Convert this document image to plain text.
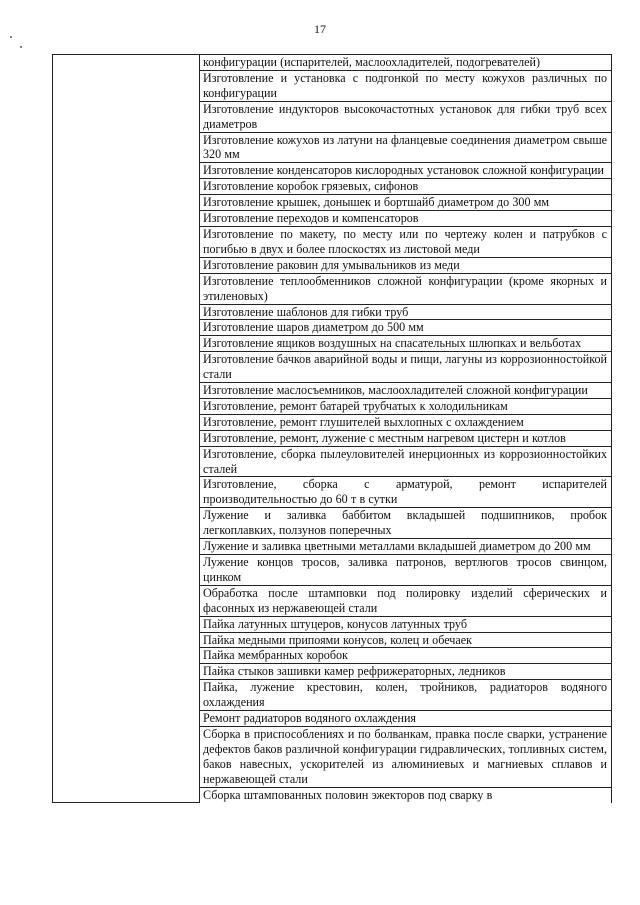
17
	конфигурации (испарителей, маслоохладителей, подогревателей)
Изготовление и установка с подгонкой по месту кожухов различных по конфигурации
Изготовление индукторов высокочастотных установок для гибки труб всех диаметров
Изготовление кожухов из латуни на фланцевые соединения диаметром свыше 320 мм
Изготовление конденсаторов кислородных установок сложной конфигурации
Изготовление коробок грязевых, сифонов
Изготовление крышек, донышек и бортшайб диаметром до 300 мм
Изготовление переходов и компенсаторов
Изготовление по макету, по месту или по чертежу колен и патрубков с погибью в двух и более плоскостях из листовой меди
Изготовление раковин для умывальников из меди
Изготовление теплообменников сложной конфигурации (кроме якорных и этиленовых)
Изготовление шаблонов для гибки труб
Изготовление шаров диаметром до 500 мм
Изготовление ящиков воздушных на спасательных шлюпках и вельботах
Изготовление бачков аварийной воды и пищи, лагуны из коррозионностойкой стали
Изготовление маслосъемников, маслоохладителей сложной конфигурации
Изготовление, ремонт батарей трубчатых к холодильникам
Изготовление, ремонт глушителей выхлопных с охлаждением
Изготовление, ремонт, лужение с местным нагревом цистерн и котлов
Изготовление, сборка пылеуловителей инерционных из коррозионностойких сталей
Изготовление, сборка с арматурой, ремонт испарителей производительностью до 60 т в сутки
Лужение и заливка баббитом вкладышей подшипников, пробок легкоплавких, ползунов поперечных
Лужение и заливка цветными металлами вкладышей диаметром до 200 мм
Лужение концов тросов, заливка патронов, вертлюгов тросов свинцом, цинком
Обработка после штамповки под полировку изделий сферических и фасонных из нержавеющей стали
Пайка латунных штуцеров, конусов латунных труб
Пайка медными припоями конусов, колец и обечаек
Пайка мембранных коробок
Пайка стыков зашивки камер рефрижераторных, ледников
Пайка, лужение крестовин, колен, тройников, радиаторов водяного охлаждения
Ремонт радиаторов водяного охлаждения
Сборка в приспособлениях и по болванкам, правка после сварки, устранение дефектов баков различной конфигурации гидравлических, топливных систем, баков навесных, ускорителей из алюминиевых и магниевых сплавов и нержавеющей стали
Сборка штампованных половин эжекторов под сварку в
